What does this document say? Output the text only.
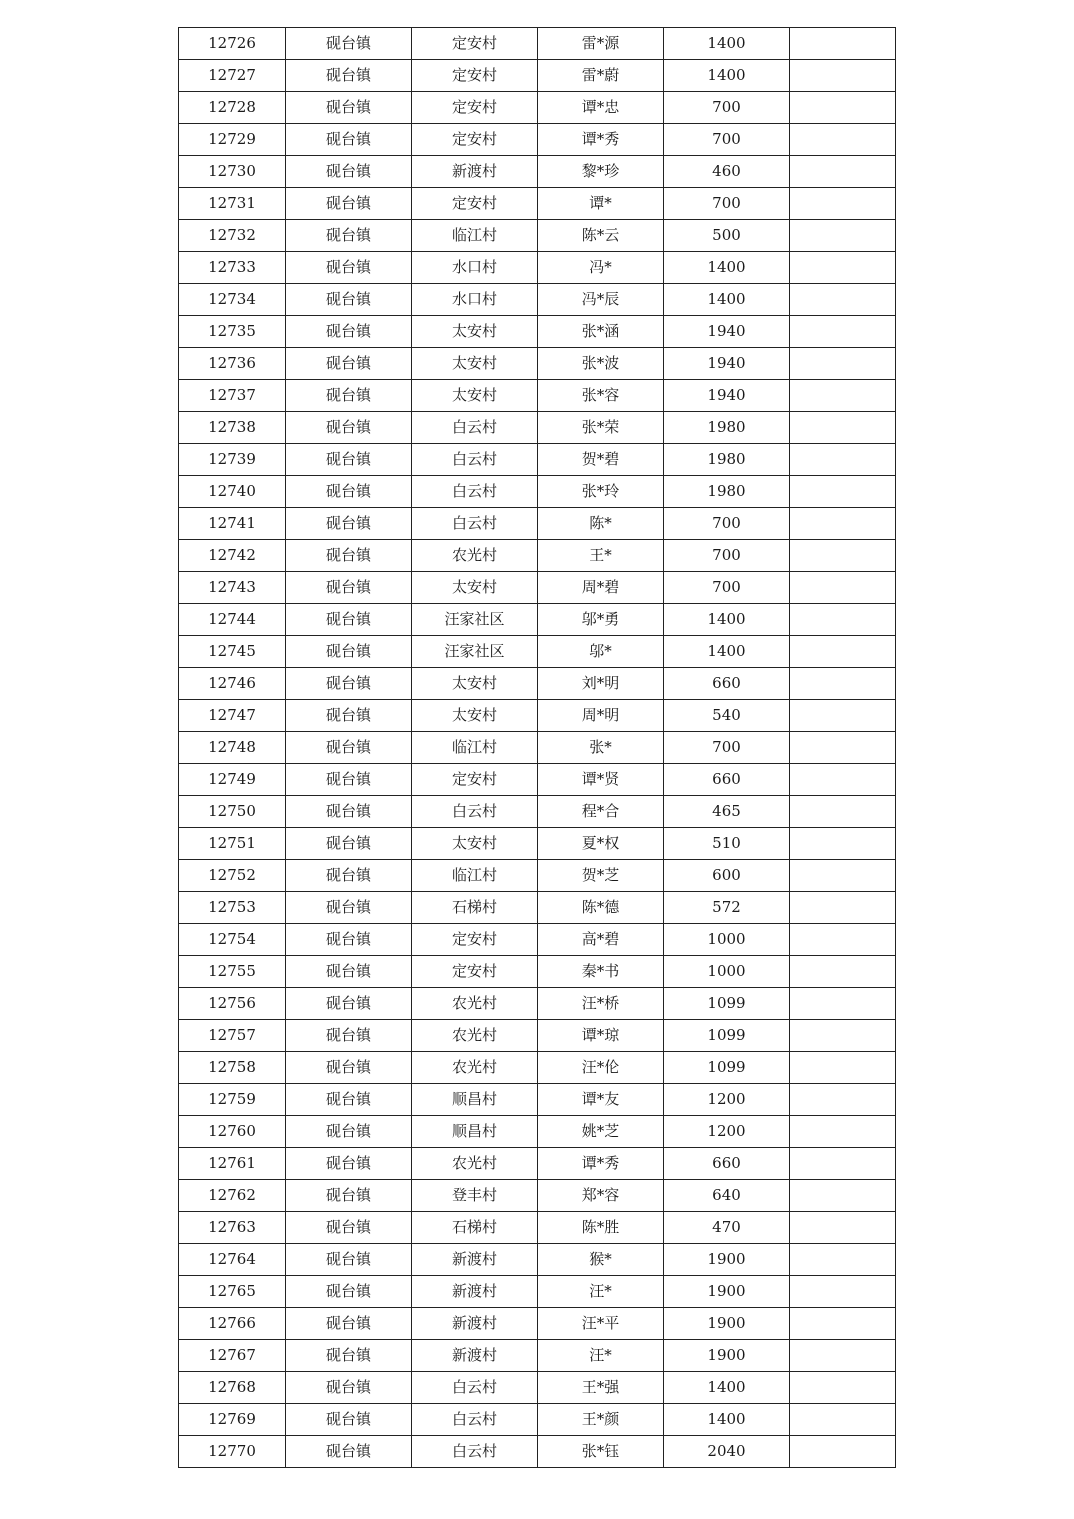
12726	砚台镇	定安村	雷*源	1400	
12727	砚台镇	定安村	雷*蔚	1400	
12728	砚台镇	定安村	谭*忠	700	
12729	砚台镇	定安村	谭*秀	700	
12730	砚台镇	新渡村	黎*珍	460	
12731	砚台镇	定安村	谭*	700	
12732	砚台镇	临江村	陈*云	500	
12733	砚台镇	水口村	冯*	1400	
12734	砚台镇	水口村	冯*辰	1400	
12735	砚台镇	太安村	张*涵	1940	
12736	砚台镇	太安村	张*波	1940	
12737	砚台镇	太安村	张*容	1940	
12738	砚台镇	白云村	张*荣	1980	
12739	砚台镇	白云村	贺*碧	1980	
12740	砚台镇	白云村	张*玲	1980	
12741	砚台镇	白云村	陈*	700	
12742	砚台镇	农光村	王*	700	
12743	砚台镇	太安村	周*碧	700	
12744	砚台镇	汪家社区	邬*勇	1400	
12745	砚台镇	汪家社区	邬*	1400	
12746	砚台镇	太安村	刘*明	660	
12747	砚台镇	太安村	周*明	540	
12748	砚台镇	临江村	张*	700	
12749	砚台镇	定安村	谭*贤	660	
12750	砚台镇	白云村	程*合	465	
12751	砚台镇	太安村	夏*权	510	
12752	砚台镇	临江村	贺*芝	600	
12753	砚台镇	石梯村	陈*德	572	
12754	砚台镇	定安村	高*碧	1000	
12755	砚台镇	定安村	秦*书	1000	
12756	砚台镇	农光村	汪*桥	1099	
12757	砚台镇	农光村	谭*琼	1099	
12758	砚台镇	农光村	汪*伦	1099	
12759	砚台镇	顺昌村	谭*友	1200	
12760	砚台镇	顺昌村	姚*芝	1200	
12761	砚台镇	农光村	谭*秀	660	
12762	砚台镇	登丰村	郑*容	640	
12763	砚台镇	石梯村	陈*胜	470	
12764	砚台镇	新渡村	猴*	1900	
12765	砚台镇	新渡村	汪*	1900	
12766	砚台镇	新渡村	汪*平	1900	
12767	砚台镇	新渡村	汪*	1900	
12768	砚台镇	白云村	王*强	1400	
12769	砚台镇	白云村	王*颜	1400	
12770	砚台镇	白云村	张*钰	2040	
